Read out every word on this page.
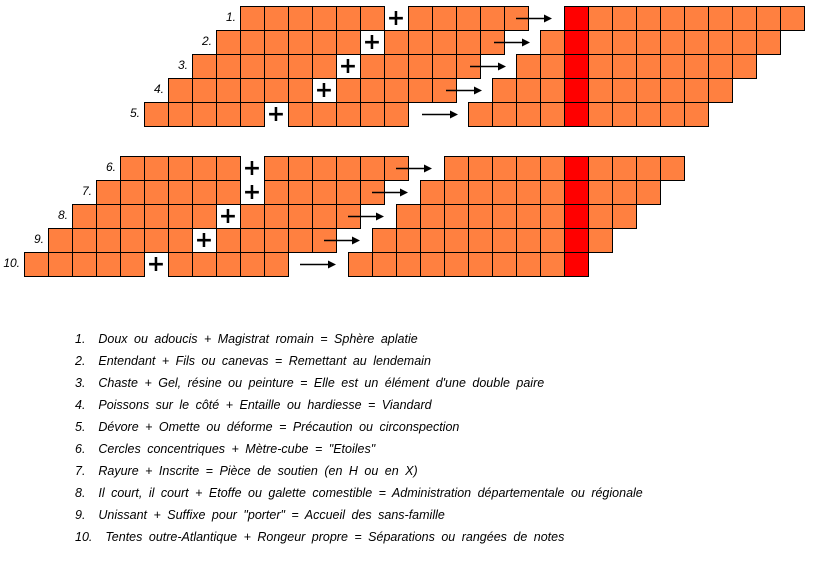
1.	+
2.	+
3.	+
4.	+
5.	+
6.	+
7.	+
8.	+
9.	+
10.	+
1.  Doux ou adoucis + Magistrat romain = Sphère aplatie
2.  Entendant + Fils ou canevas = Remettant au lendemain
3.  Chaste + Gel, résine ou peinture = Elle est un élément d'une double paire
4.  Poissons sur le côté + Entaille ou hardiesse = Viandard
5.  Dévore + Omette ou déforme = Précaution ou circonspection
6.  Cercles concentriques + Mètre-cube = "Etoiles"
7.  Rayure + Inscrite = Pièce de soutien (en H ou en X)
8.  Il court, il court + Etoffe ou galette comestible = Administration départementale ou régionale
9.  Unissant + Suffixe pour "porter" = Accueil des sans-famille
10.  Tentes outre-Atlantique + Rongeur propre = Séparations ou rangées de notes
